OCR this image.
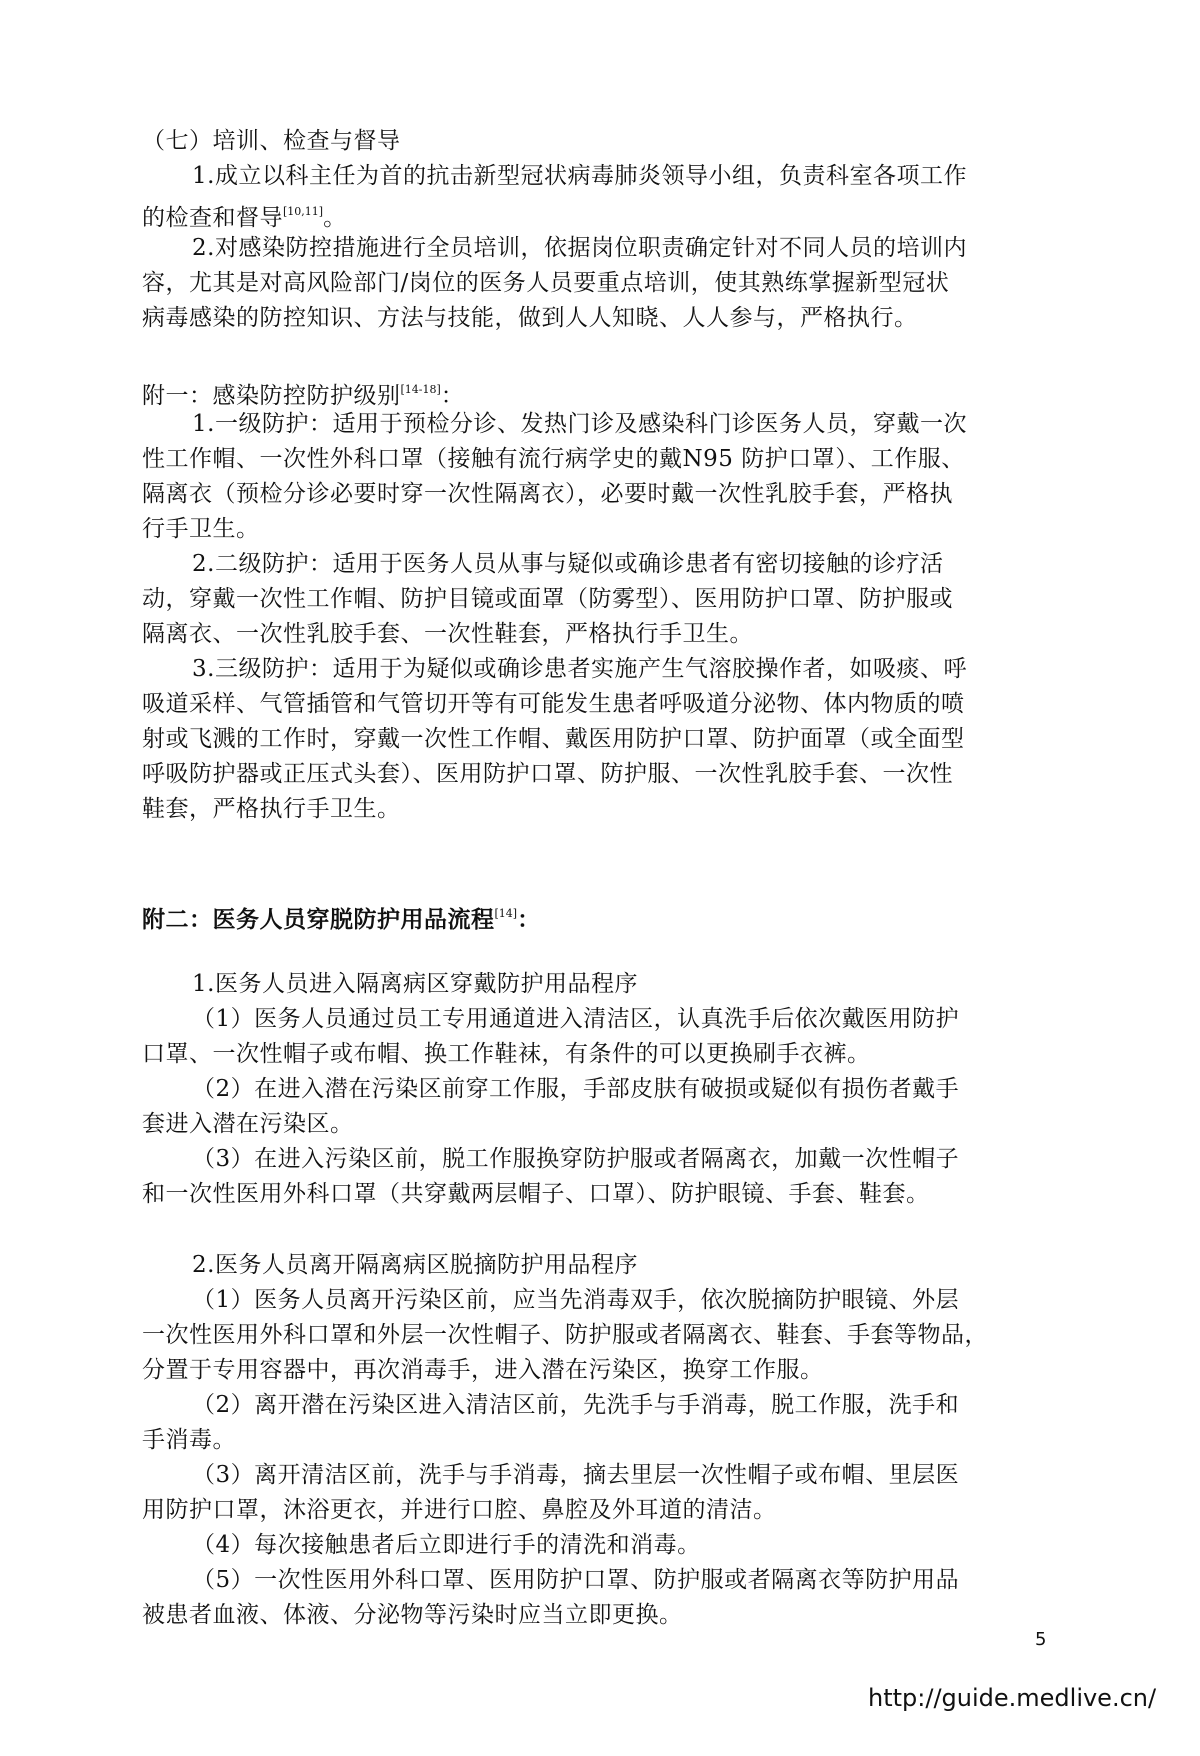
（七）培训、检查与督导
1.成立以科主任为首的抗击新型冠状病毒肺炎领导小组，负责科室各项工作
的检查和督导[10,11]。
2.对感染防控措施进行全员培训，依据岗位职责确定针对不同人员的培训内
容，尤其是对高风险部门/岗位的医务人员要重点培训，使其熟练掌握新型冠状
病毒感染的防控知识、方法与技能，做到人人知晓、人人参与，严格执行。
附一：感染防控防护级别[14-18]：
1.一级防护：适用于预检分诊、发热门诊及感染科门诊医务人员，穿戴一次
性工作帽、一次性外科口罩（接触有流行病学史的戴N95 防护口罩）、工作服、
隔离衣（预检分诊必要时穿一次性隔离衣），必要时戴一次性乳胶手套，严格执
行手卫生。
2.二级防护：适用于医务人员从事与疑似或确诊患者有密切接触的诊疗活
动，穿戴一次性工作帽、防护目镜或面罩（防雾型）、医用防护口罩、防护服或
隔离衣、一次性乳胶手套、一次性鞋套，严格执行手卫生。
3.三级防护：适用于为疑似或确诊患者实施产生气溶胶操作者，如吸痰、呼
吸道采样、气管插管和气管切开等有可能发生患者呼吸道分泌物、体内物质的喷
射或飞溅的工作时，穿戴一次性工作帽、戴医用防护口罩、防护面罩（或全面型
呼吸防护器或正压式头套）、医用防护口罩、防护服、一次性乳胶手套、一次性
鞋套，严格执行手卫生。
附二：医务人员穿脱防护用品流程[14]：
1.医务人员进入隔离病区穿戴防护用品程序
（1）医务人员通过员工专用通道进入清洁区，认真洗手后依次戴医用防护
口罩、一次性帽子或布帽、换工作鞋袜，有条件的可以更换刷手衣裤。
（2）在进入潜在污染区前穿工作服，手部皮肤有破损或疑似有损伤者戴手
套进入潜在污染区。
（3）在进入污染区前，脱工作服换穿防护服或者隔离衣，加戴一次性帽子
和一次性医用外科口罩（共穿戴两层帽子、口罩）、防护眼镜、手套、鞋套。
2.医务人员离开隔离病区脱摘防护用品程序
（1）医务人员离开污染区前，应当先消毒双手，依次脱摘防护眼镜、外层
一次性医用外科口罩和外层一次性帽子、防护服或者隔离衣、鞋套、手套等物品，
分置于专用容器中，再次消毒手，进入潜在污染区，换穿工作服。
（2）离开潜在污染区进入清洁区前，先洗手与手消毒，脱工作服，洗手和
手消毒。
（3）离开清洁区前，洗手与手消毒，摘去里层一次性帽子或布帽、里层医
用防护口罩，沐浴更衣，并进行口腔、鼻腔及外耳道的清洁。
（4）每次接触患者后立即进行手的清洗和消毒。
（5）一次性医用外科口罩、医用防护口罩、防护服或者隔离衣等防护用品
被患者血液、体液、分泌物等污染时应当立即更换。
5
http://guide.medlive.cn/
